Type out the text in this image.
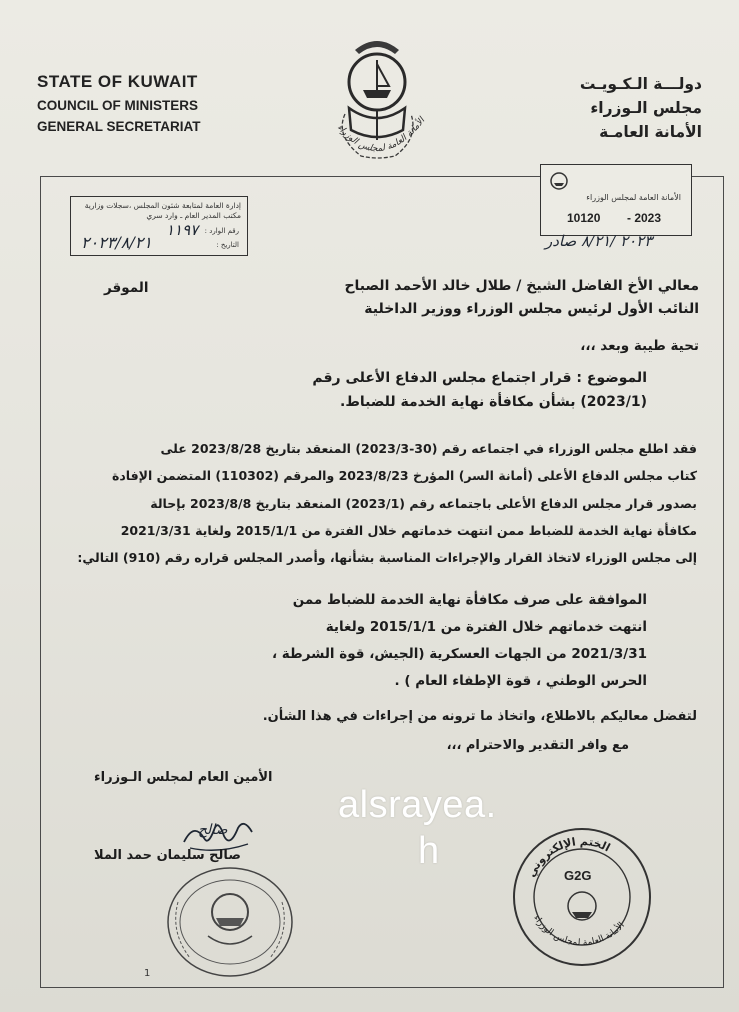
STATE OF KUWAIT
COUNCIL OF MINISTERS
GENERAL SECRETARIAT
دولـــة الـكـويـت
مجلس الـوزراء
الأمانة العامـة
الأمانة العامة لمجلس الوزراء
إدارة العامة لمتابعة شئون المجلس ،سجلات وزارية
مكتب المدير العام ـ وارد سري
رقم الوارد :
التاريخ :
١١٩٧
٢٠٢٣/٨/٢١
الأمانة العامة لمجلس الوزراء
10120 - 2023
٢٠٢٣ /٨/٢١ صادر
الموقر	معالي الأخ الفاضل الشيخ / طلال خالد الأحمد الصباح
النائب الأول لرئيس مجلس الوزراء ووزير الداخلية
تحية طيبة وبعد ،،،
الموضوع : قرار اجتماع مجلس الدفاع الأعلى رقم
(2023/1) بشأن مكافأة نهاية الخدمة للضباط.
فقد اطلع مجلس الوزراء في اجتماعه رقم (30-2023/3) المنعقد بتاريخ 2023/8/28 على
كتاب مجلس الدفاع الأعلى (أمانة السر) المؤرخ 2023/8/23 والمرقم (110302) المتضمن الإفادة
بصدور قرار مجلس الدفاع الأعلى باجتماعه رقم (2023/1) المنعقد بتاريخ 2023/8/8 بإحالة
مكافأة نهاية الخدمة للضباط ممن انتهت خدماتهم خلال الفترة من 2015/1/1 ولغاية 2021/3/31
إلى مجلس الوزراء لاتخاذ القرار والإجراءات المناسبة بشأنها، وأصدر المجلس قراره رقم (910) التالي:
الموافقة على صرف مكافأة نهاية الخدمة للضباط ممن
انتهت خدماتهم خلال الفترة من 2015/1/1 ولغاية
2021/3/31 من الجهات العسكرية (الجيش، قوة الشرطة ،
الحرس الوطني ، قوة الإطفاء العام ) .
لتفضل معاليكم بالاطلاع، واتخاذ ما ترونه من إجراءات في هذا الشأن.
مع وافر التقدير والاحترام ،،،
الأمين العام لمجلس الـوزراء
صالح
صالح سليمان حمد الملا
الختم الإلكتروني
الأمانة العامة لمجلس الوزراء
G2G
alsrayea.
h
1
